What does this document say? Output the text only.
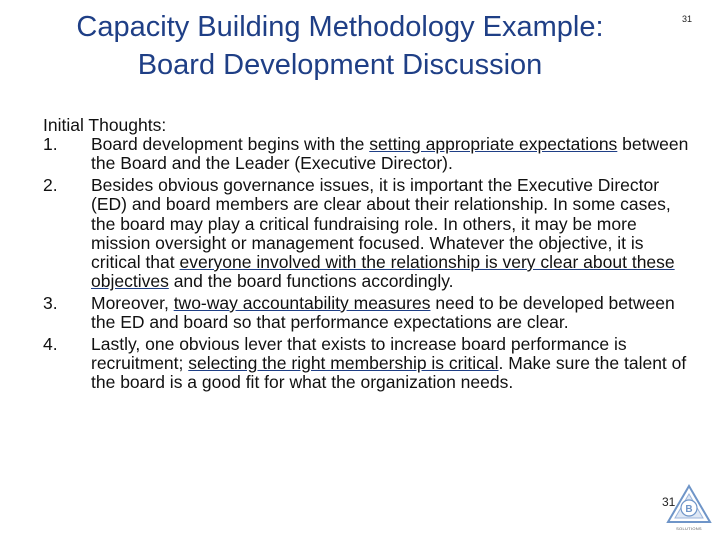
Capacity Building Methodology Example:
Board Development Discussion
31

Initial Thoughts:

1.	Board development begins with the setting appropriate expectations between the Board and the Leader (Executive Director).
2.	Besides obvious governance issues, it is important the Executive Director (ED) and board members are clear about their relationship. In some cases, the board may play a critical fundraising role. In others, it may be more mission oversight or management focused. Whatever the objective, it is critical that everyone involved with the relationship is very clear about these objectives and the board functions accordingly.
3.	Moreover, two-way accountability measures need to be developed between the ED and board so that performance expectations are clear.
4.	Lastly, one obvious lever that exists to increase board performance is recruitment; selecting the right membership is critical. Make sure the talent of the board is a good fit for what the organization needs.
B
SOLUTIONS
31
